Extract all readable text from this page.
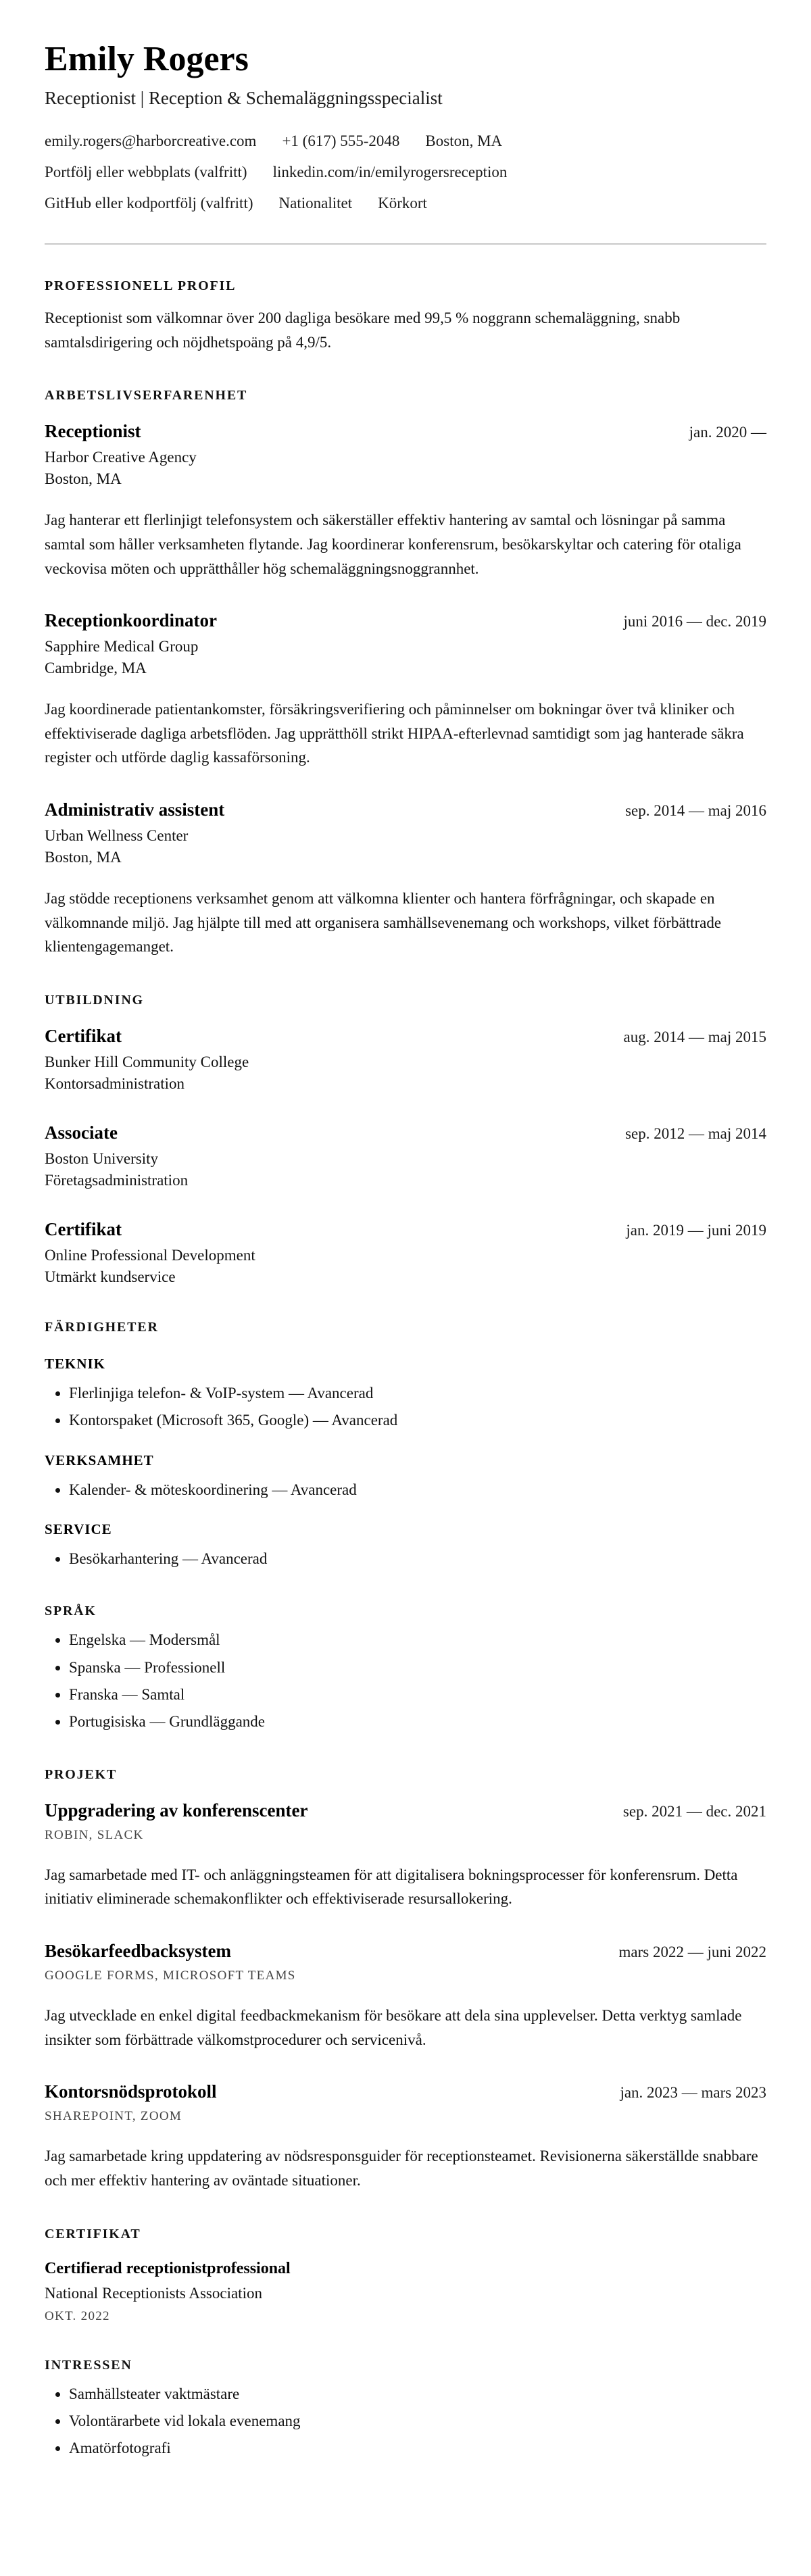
Emily Rogers

Receptionist | Reception & Schemaläggningsspecialist

emily.rogers@harborcreative.com +1 (617) 555-2048 Boston, MA
Portfölj eller webbplats (valfritt) linkedin.com/in/emilyrogersreception
GitHub eller kodportfölj (valfritt) Nationalitet Körkort
PROFESSIONELL PROFIL

Receptionist som välkomnar över 200 dagliga besökare med 99,5 % noggrann schemaläggning, snabb samtalsdirigering och nöjdhetspoäng på 4,9/5.

ARBETSLIVSERFARENHET
Receptionist	jan. 2020 —

Harbor Creative Agency

Boston, MA

Jag hanterar ett flerlinjigt telefonsystem och säkerställer effektiv hantering av samtal och lösningar på samma samtal som håller verksamheten flytande. Jag koordinerar konferensrum, besökarskyltar och catering för otaliga veckovisa möten och upprätthåller hög schemaläggningsnoggrannhet.

Receptionkoordinator	juni 2016 — dec. 2019

Sapphire Medical Group

Cambridge, MA

Jag koordinerade patientankomster, försäkringsverifiering och påminnelser om bokningar över två kliniker och effektiviserade dagliga arbetsflöden. Jag upprätthöll strikt HIPAA-efterlevnad samtidigt som jag hanterade säkra register och utförde daglig kassaförsoning.

Administrativ assistent	sep. 2014 — maj 2016

Urban Wellness Center

Boston, MA

Jag stödde receptionens verksamhet genom att välkomna klienter och hantera förfrågningar, och skapade en välkomnande miljö. Jag hjälpte till med att organisera samhällsevenemang och workshops, vilket förbättrade klientengagemanget.

UTBILDNING
Certifikat	aug. 2014 — maj 2015

Bunker Hill Community College

Kontorsadministration

Associate	sep. 2012 — maj 2014

Boston University

Företagsadministration

Certifikat	jan. 2019 — juni 2019

Online Professional Development

Utmärkt kundservice

FÄRDIGHETER
TEKNIK
• Flerlinjiga telefon- & VoIP-system — Avancerad
• Kontorspaket (Microsoft 365, Google) — Avancerad
VERKSAMHET
• Kalender- & möteskoordinering — Avancerad
SERVICE
• Besökarhantering — Avancerad
SPRÅK
• Engelska — Modersmål
• Spanska — Professionell
• Franska — Samtal
• Portugisiska — Grundläggande
PROJEKT
Uppgradering av konferenscenter	sep. 2021 — dec. 2021

ROBIN, SLACK

Jag samarbetade med IT- och anläggningsteamen för att digitalisera bokningsprocesser för konferensrum. Detta initiativ eliminerade schemakonflikter och effektiviserade resursallokering.

Besökarfeedbacksystem	mars 2022 — juni 2022

GOOGLE FORMS, MICROSOFT TEAMS

Jag utvecklade en enkel digital feedbackmekanism för besökare att dela sina upplevelser. Detta verktyg samlade insikter som förbättrade välkomstprocedurer och servicenivå.

Kontorsnödsprotokoll	jan. 2023 — mars 2023

SHAREPOINT, ZOOM

Jag samarbetade kring uppdatering av nödsresponsguider för receptionsteamet. Revisionerna säkerställde snabbare och mer effektiv hantering av oväntade situationer.

CERTIFIKAT
Certifierad receptionistprofessional

National Receptionists Association

OKT. 2022

INTRESSEN
• Samhällsteater vaktmästare
• Volontärarbete vid lokala evenemang
• Amatörfotografi
